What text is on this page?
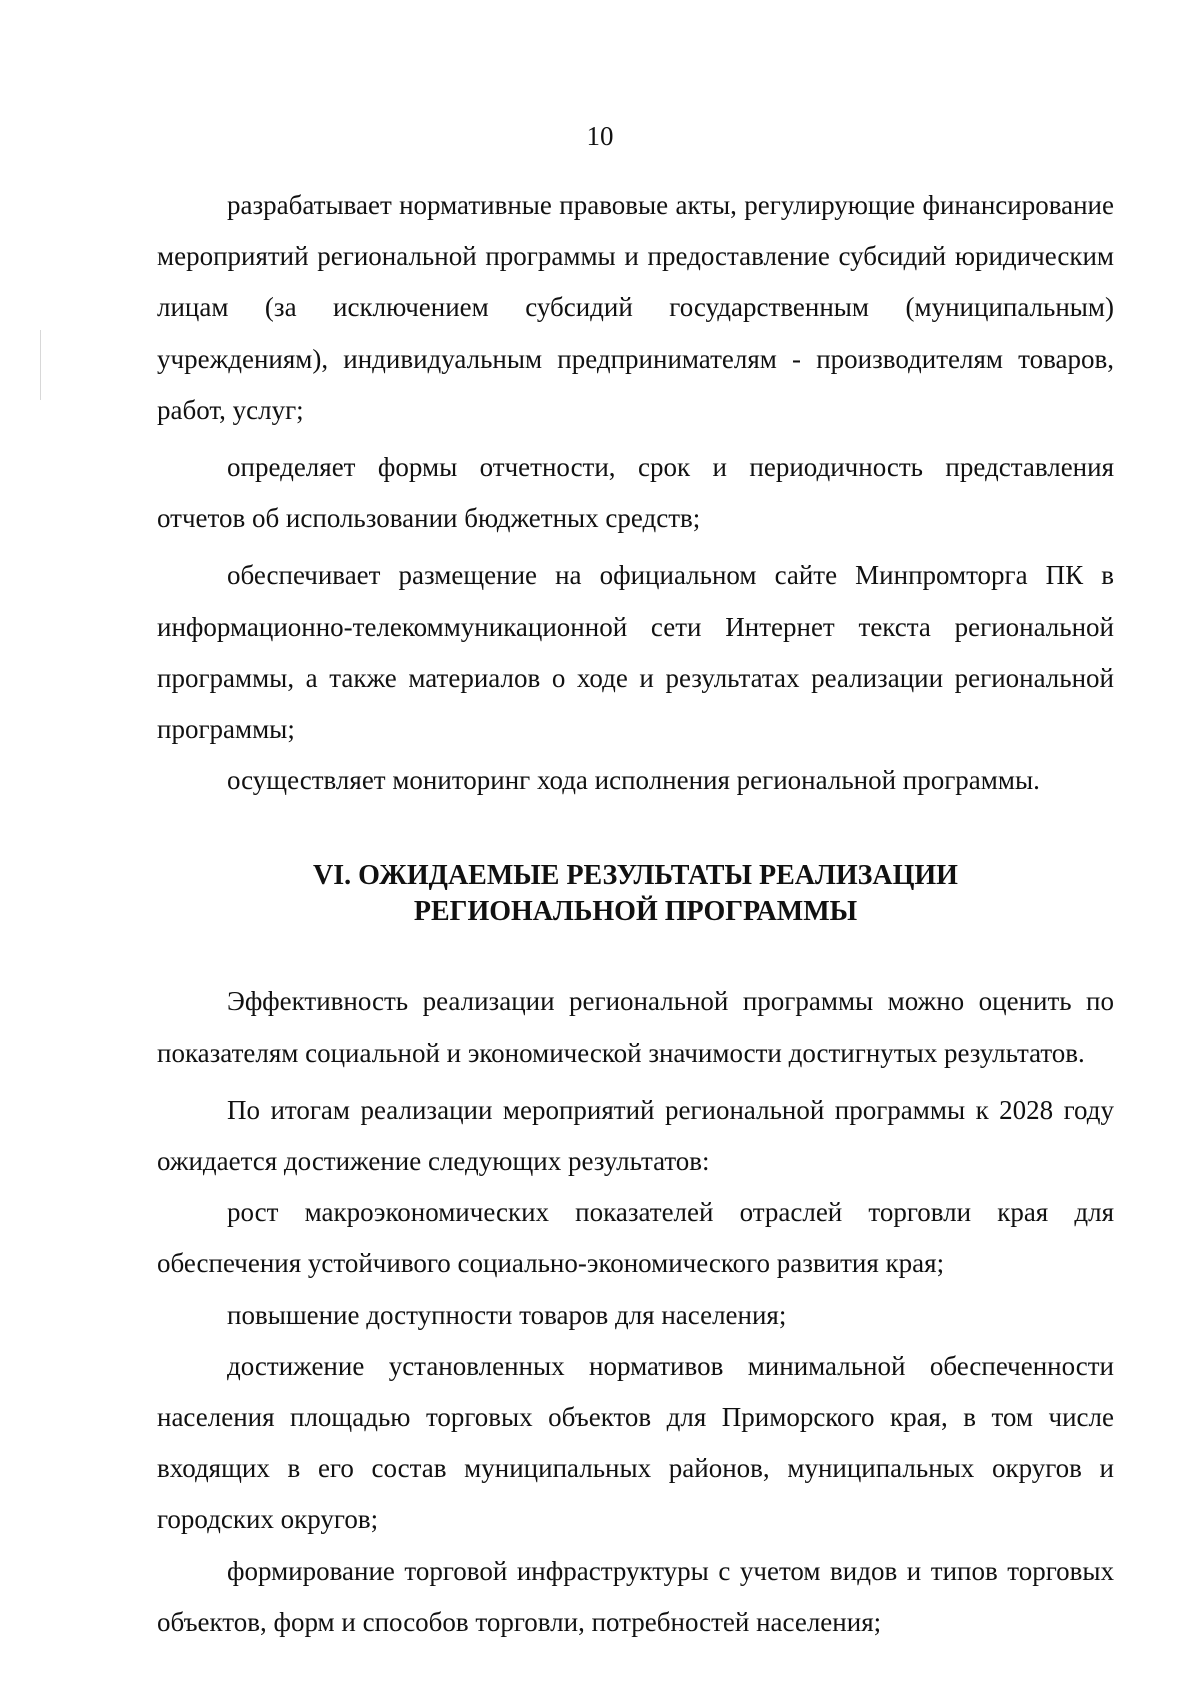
10

разрабатывает нормативные правовые акты, регулирующие финансирование мероприятий региональной программы и предоставление субсидий юридическим лицам (за исключением субсидий государственным (муниципальным) учреждениям), индивидуальным предпринимателям - производителям товаров, работ, услуг;

определяет формы отчетности, срок и периодичность представления отчетов об использовании бюджетных средств;

обеспечивает размещение на официальном сайте Минпромторга ПК в информационно-телекоммуникационной сети Интернет текста региональной программы, а также материалов о ходе и результатах реализации региональной программы;

осуществляет мониторинг хода исполнения региональной программы.

VI. ОЖИДАЕМЫЕ РЕЗУЛЬТАТЫ РЕАЛИЗАЦИИ
РЕГИОНАЛЬНОЙ ПРОГРАММЫ

Эффективность реализации региональной программы можно оценить по показателям социальной и экономической значимости достигнутых результатов.

По итогам реализации мероприятий региональной программы к 2028 году ожидается достижение следующих результатов:

рост макроэкономических показателей отраслей торговли края для обеспечения устойчивого социально-экономического развития края;

повышение доступности товаров для населения;

достижение установленных нормативов минимальной обеспеченности населения площадью торговых объектов для Приморского края, в том числе входящих в его состав муниципальных районов, муниципальных округов и городских округов;

формирование торговой инфраструктуры с учетом видов и типов торговых объектов, форм и способов торговли, потребностей населения;
